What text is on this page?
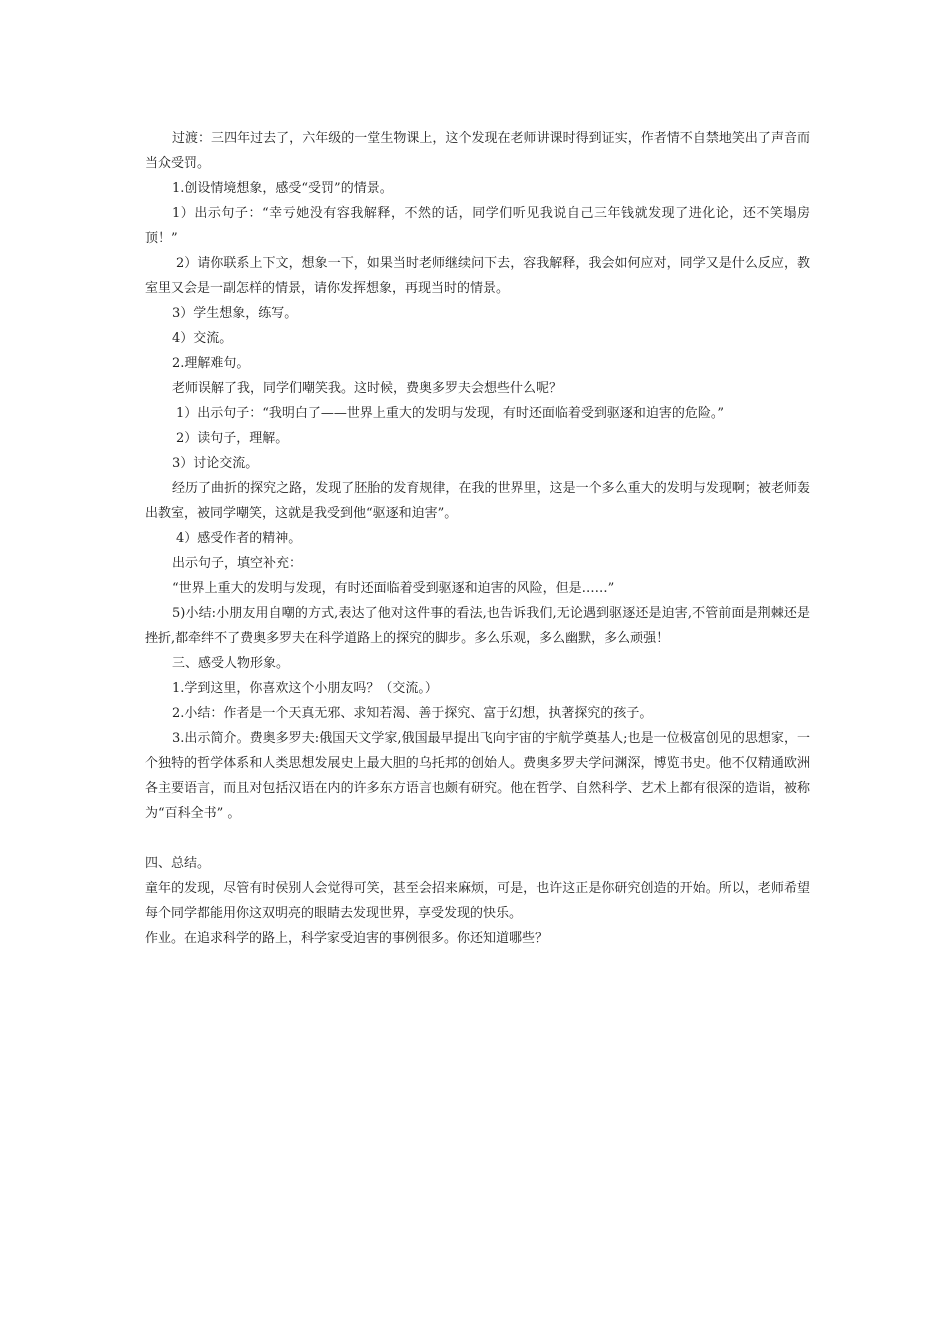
过渡：三四年过去了，六年级的一堂生物课上，这个发现在老师讲课时得到证实，作者情不自禁地笑出了声音而当众受罚。

1.创设情境想象，感受“受罚”的情景。

1）出示句子：“幸亏她没有容我解释，不然的话，同学们听见我说自己三年钱就发现了进化论，还不笑塌房顶！”

2）请你联系上下文，想象一下，如果当时老师继续问下去，容我解释，我会如何应对，同学又是什么反应，教室里又会是一副怎样的情景，请你发挥想象，再现当时的情景。

3）学生想象，练写。

4）交流。

2.理解难句。

老师误解了我，同学们嘲笑我。这时候，费奥多罗夫会想些什么呢？

1）出示句子：“我明白了——世界上重大的发明与发现，有时还面临着受到驱逐和迫害的危险。”

2）读句子，理解。

3）讨论交流。

经历了曲折的探究之路，发现了胚胎的发育规律，在我的世界里，这是一个多么重大的发明与发现啊；被老师轰出教室，被同学嘲笑，这就是我受到他“驱逐和迫害”。

4）感受作者的精神。

出示句子，填空补充：

“世界上重大的发明与发现，有时还面临着受到驱逐和迫害的风险，但是……”

5)小结:小朋友用自嘲的方式,表达了他对这件事的看法,也告诉我们,无论遇到驱逐还是迫害,不管前面是荆棘还是挫折,都牵绊不了费奥多罗夫在科学道路上的探究的脚步。多么乐观，多么幽默，多么顽强！

三、感受人物形象。

1.学到这里，你喜欢这个小朋友吗？（交流。）

2.小结：作者是一个天真无邪、求知若渴、善于探究、富于幻想，执著探究的孩子。

3.出示简介。费奥多罗夫:俄国天文学家,俄国最早提出飞向宇宙的宇航学奠基人;也是一位极富创见的思想家，一个独特的哲学体系和人类思想发展史上最大胆的乌托邦的创始人。费奥多罗夫学问渊深，博览书史。他不仅精通欧洲各主要语言，而且对包括汉语在内的许多东方语言也颇有研究。他在哲学、自然科学、艺术上都有很深的造诣，被称为“百科全书” 。

四、总结。

童年的发现，尽管有时侯别人会觉得可笑，甚至会招来麻烦，可是，也许这正是你研究创造的开始。所以，老师希望每个同学都能用你这双明亮的眼睛去发现世界，享受发现的快乐。

作业。在追求科学的路上，科学家受迫害的事例很多。你还知道哪些？
